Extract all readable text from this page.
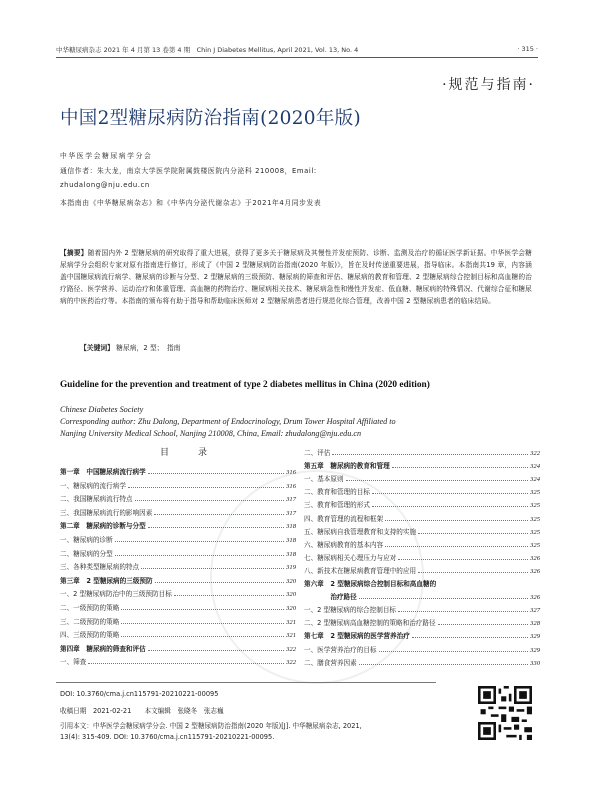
中华糖尿病杂志 2021 年 4 月第 13 卷第 4 期　Chin J Diabetes Mellitus, April 2021, Vol. 13, No. 4	· 315 ·
·规范与指南·
中国2型糖尿病防治指南(2020年版)
中华医学会糖尿病学分会
通信作者：朱大龙，南京大学医学院附属鼓楼医院内分泌科 210008，Email:
zhudalong@nju.edu.cn
本指南由《中华糖尿病杂志》和《中华内分泌代谢杂志》于2021年4月同步发表
【摘要】随着国内外 2 型糖尿病的研究取得了重大进展，获得了更多关于糖尿病及其慢性并发症预防、诊断、监测及治疗的循证医学新证据。中华医学会糖尿病学分会组织专家对原有指南进行修订，形成了《中国 2 型糖尿病防治指南(2020 年版)》，旨在及时传递重要进展，指导临床。本指南共19 章，内容涵盖中国糖尿病流行病学、糖尿病的诊断与分型、2 型糖尿病的三级预防、糖尿病的筛查和评估、糖尿病的教育和管理、2 型糖尿病综合控制目标和高血糖的治疗路径、医学营养、运动治疗和体重管理、高血糖的药物治疗、糖尿病相关技术、糖尿病急性和慢性并发症、低血糖、糖尿病的特殊情况、代谢综合征和糖尿病的中医药治疗等。本指南的颁布将有助于指导和帮助临床医师对 2 型糖尿病患者进行规范化综合管理，改善中国 2 型糖尿病患者的临床结局。
【关键词】 糖尿病，2 型；　指南
Guideline for the prevention and treatment of type 2 diabetes mellitus in China (2020 edition)
Chinese Diabetes Society
Corresponding author: Zhu Dalong, Department of Endocrinology, Drum Tower Hospital Affiliated to
Nanjing University Medical School, Nanjing 210008, China, Email: zhudalong@nju.edu.cn
目　录
第一章　中国糖尿病流行病学	316
一、糖尿病的流行病学	316
二、我国糖尿病流行特点	317
三、我国糖尿病流行的影响因素	317
第二章　糖尿病的诊断与分型	318
一、糖尿病的诊断	318
二、糖尿病的分型	318
三、各种类型糖尿病的特点	319
第三章　2 型糖尿病的三级预防	320
一、2 型糖尿病防治中的三级预防目标	320
二、一级预防的策略	320
三、二级预防的策略	321
四、三级预防的策略	321
第四章　糖尿病的筛查和评估	322
一、筛查	322
二、评估	322
第五章　糖尿病的教育和管理	324
一、基本原则	324
二、教育和管理的目标	325
三、教育和管理的形式	325
四、教育管理的流程和框架	325
五、糖尿病自我管理教育和支持的实施	325
六、糖尿病教育的基本内容	325
七、糖尿病相关心理压力与应对	326
八、新技术在糖尿病教育管理中的应用	326
第六章　2 型糖尿病综合控制目标和高血糖的
　　　　治疗路径	326
一、2 型糖尿病的综合控制目标	327
二、2 型糖尿病高血糖控制的策略和治疗路径	328
第七章　2 型糖尿病的医学营养治疗	329
一、医学营养治疗的目标	329
二、膳食营养因素	330
DOI: 10.3760/cma.j.cn115791-20210221-00095
收稿日期　2021-02-21　　本文编辑　张晓冬　张志巍
引用本文：中华医学会糖尿病学分会. 中国 2 型糖尿病防治指南(2020 年版)[J]. 中华糖尿病杂志, 2021,
13(4): 315-409. DOI: 10.3760/cma.j.cn115791-20210221-00095.
